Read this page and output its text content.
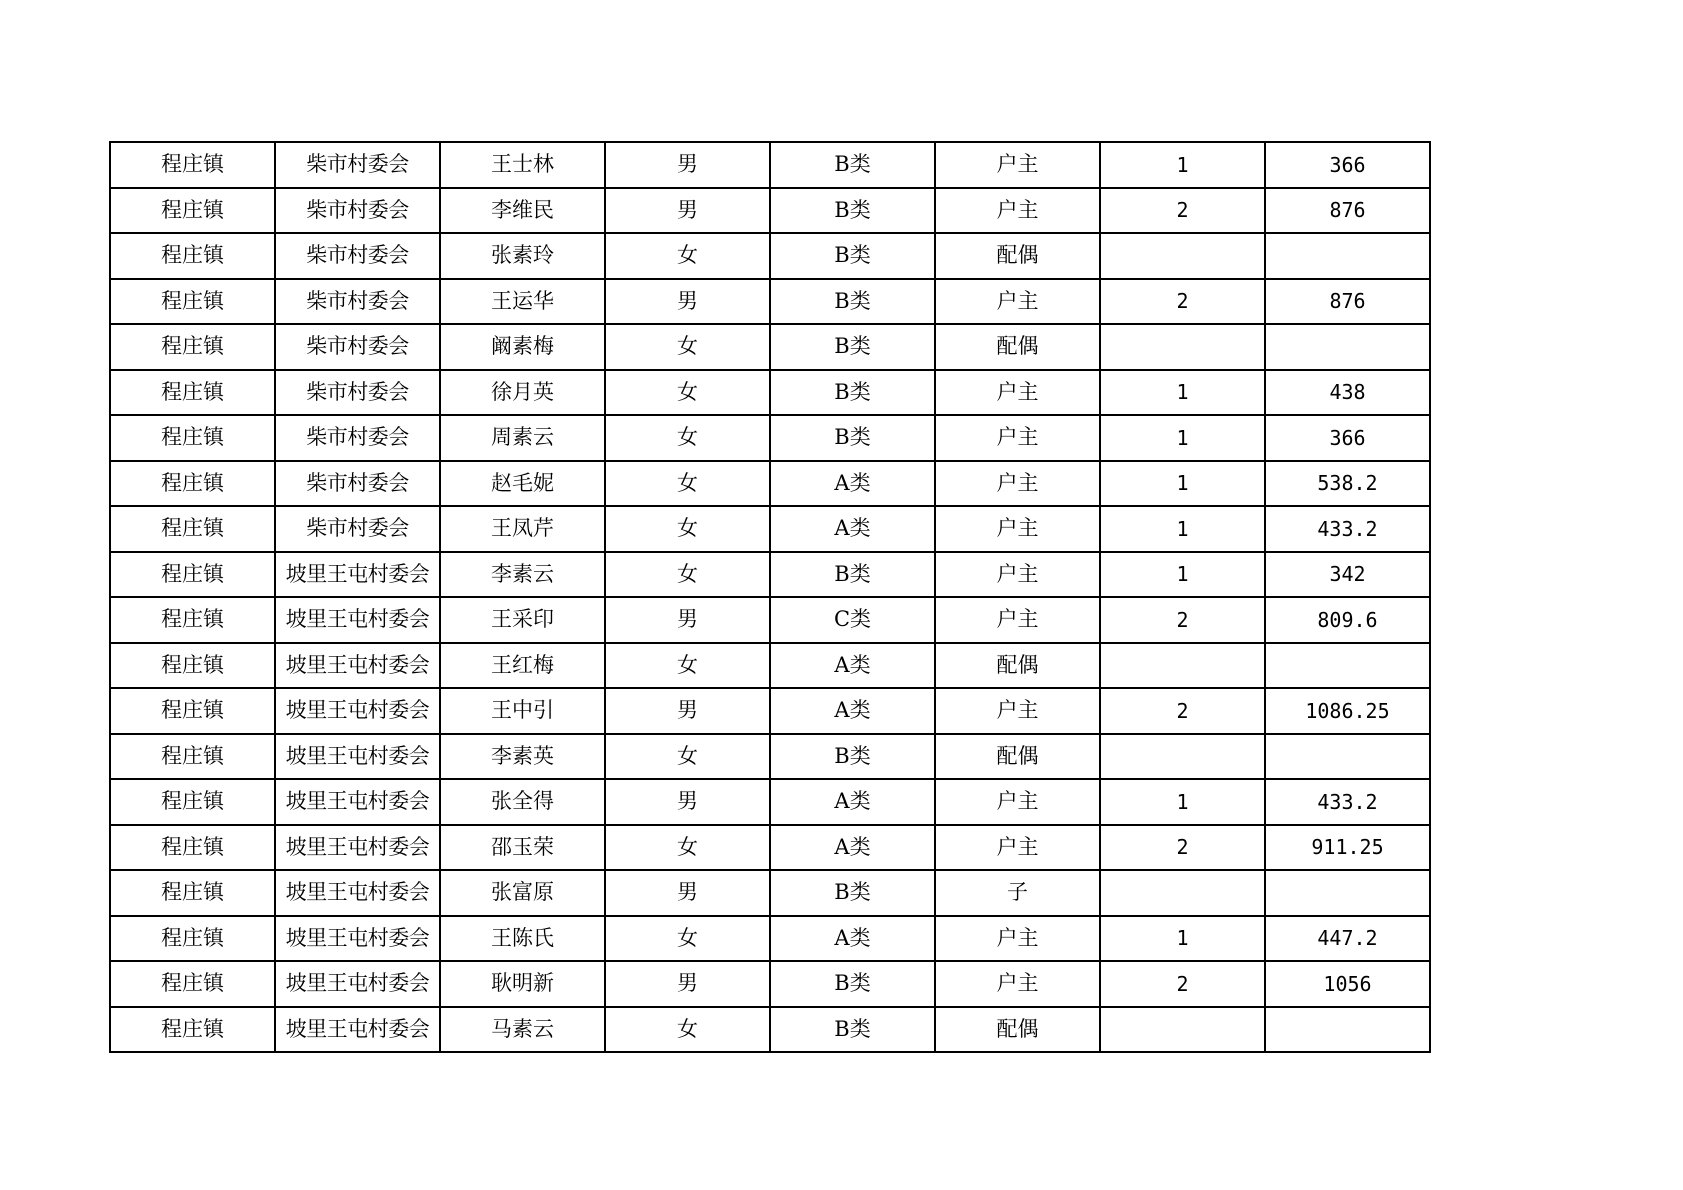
程庄镇	柴市村委会	王士林	男	B类	户主	1	366
程庄镇	柴市村委会	李维民	男	B类	户主	2	876
程庄镇	柴市村委会	张素玲	女	B类	配偶		
程庄镇	柴市村委会	王运华	男	B类	户主	2	876
程庄镇	柴市村委会	阚素梅	女	B类	配偶		
程庄镇	柴市村委会	徐月英	女	B类	户主	1	438
程庄镇	柴市村委会	周素云	女	B类	户主	1	366
程庄镇	柴市村委会	赵毛妮	女	A类	户主	1	538.2
程庄镇	柴市村委会	王凤芹	女	A类	户主	1	433.2
程庄镇	坡里王屯村委会	李素云	女	B类	户主	1	342
程庄镇	坡里王屯村委会	王采印	男	C类	户主	2	809.6
程庄镇	坡里王屯村委会	王红梅	女	A类	配偶		
程庄镇	坡里王屯村委会	王中引	男	A类	户主	2	1086.25
程庄镇	坡里王屯村委会	李素英	女	B类	配偶		
程庄镇	坡里王屯村委会	张全得	男	A类	户主	1	433.2
程庄镇	坡里王屯村委会	邵玉荣	女	A类	户主	2	911.25
程庄镇	坡里王屯村委会	张富原	男	B类	子		
程庄镇	坡里王屯村委会	王陈氏	女	A类	户主	1	447.2
程庄镇	坡里王屯村委会	耿明新	男	B类	户主	2	1056
程庄镇	坡里王屯村委会	马素云	女	B类	配偶		
